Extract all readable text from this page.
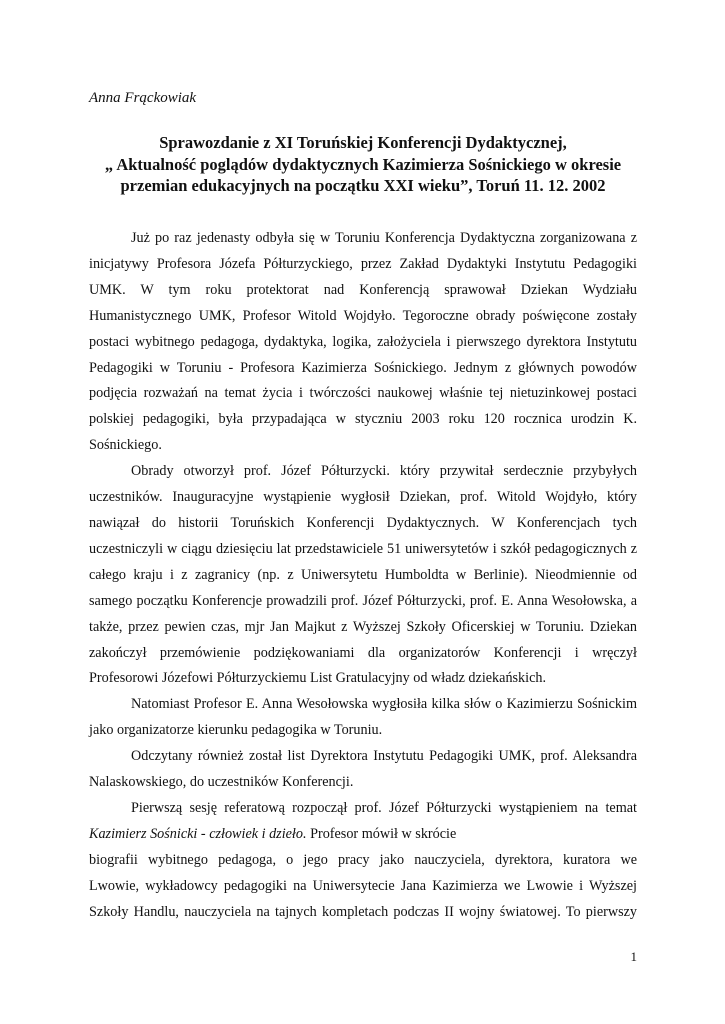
Anna Frąckowiak
Sprawozdanie z XI Toruńskiej Konferencji Dydaktycznej,
„ Aktualność poglądów dydaktycznych Kazimierza Sośnickiego w okresie
przemian edukacyjnych na początku XXI wieku”, Toruń 11. 12. 2002

Już po raz jedenasty odbyła się w Toruniu Konferencja Dydaktyczna zorganizowana z inicjatywy Profesora Józefa Półturzyckiego, przez Zakład Dydaktyki Instytutu Pedagogiki UMK. W tym roku protektorat nad Konferencją sprawował Dziekan Wydziału Humanistycznego UMK, Profesor Witold Wojdyło. Tegoroczne obrady poświęcone zostały postaci wybitnego pedagoga, dydaktyka, logika, założyciela i pierwszego dyrektora Instytutu Pedagogiki w Toruniu - Profesora Kazimierza Sośnickiego. Jednym z głównych powodów podjęcia rozważań na temat życia i twórczości naukowej właśnie tej nietuzinkowej postaci polskiej pedagogiki, była przypadająca w styczniu 2003 roku 120 rocznica urodzin K. Sośnickiego.

Obrady otworzył prof. Józef Półturzycki. który przywitał serdecznie przybyłych uczestników. Inauguracyjne wystąpienie wygłosił Dziekan, prof. Witold Wojdyło, który nawiązał do historii Toruńskich Konferencji Dydaktycznych. W Konferencjach tych uczestniczyli w ciągu dziesięciu lat przedstawiciele 51 uniwersytetów i szkół pedagogicznych z całego kraju i z zagranicy (np. z Uniwersytetu Humboldta w Berlinie). Nieodmiennie od samego początku Konferencje prowadzili prof. Józef Półturzycki, prof. E. Anna Wesołowska, a także, przez pewien czas, mjr Jan Majkut z Wyższej Szkoły Oficerskiej w Toruniu. Dziekan zakończył przemówienie podziękowaniami dla organizatorów Konferencji i wręczył Profesorowi Józefowi Półturzyckiemu List Gratulacyjny od władz dziekańskich.

Natomiast Profesor E. Anna Wesołowska wygłosiła kilka słów o Kazimierzu Sośnickim jako organizatorze kierunku pedagogika w Toruniu.

Odczytany również został list Dyrektora Instytutu Pedagogiki UMK, prof. Aleksandra Nalaskowskiego, do uczestników Konferencji.

Pierwszą sesję referatową rozpoczął prof. Józef Półturzycki wystąpieniem na temat Kazimierz Sośnicki - człowiek i dzieło. Profesor mówił w skrócie

biografii wybitnego pedagoga, o jego pracy jako nauczyciela, dyrektora, kuratora we

Lwowie, wykładowcy pedagogiki na Uniwersytecie Jana Kazimierza we Lwowie i Wyższej

Szkoły Handlu, nauczyciela na tajnych kompletach podczas II wojny światowej. To pierwszy

1
